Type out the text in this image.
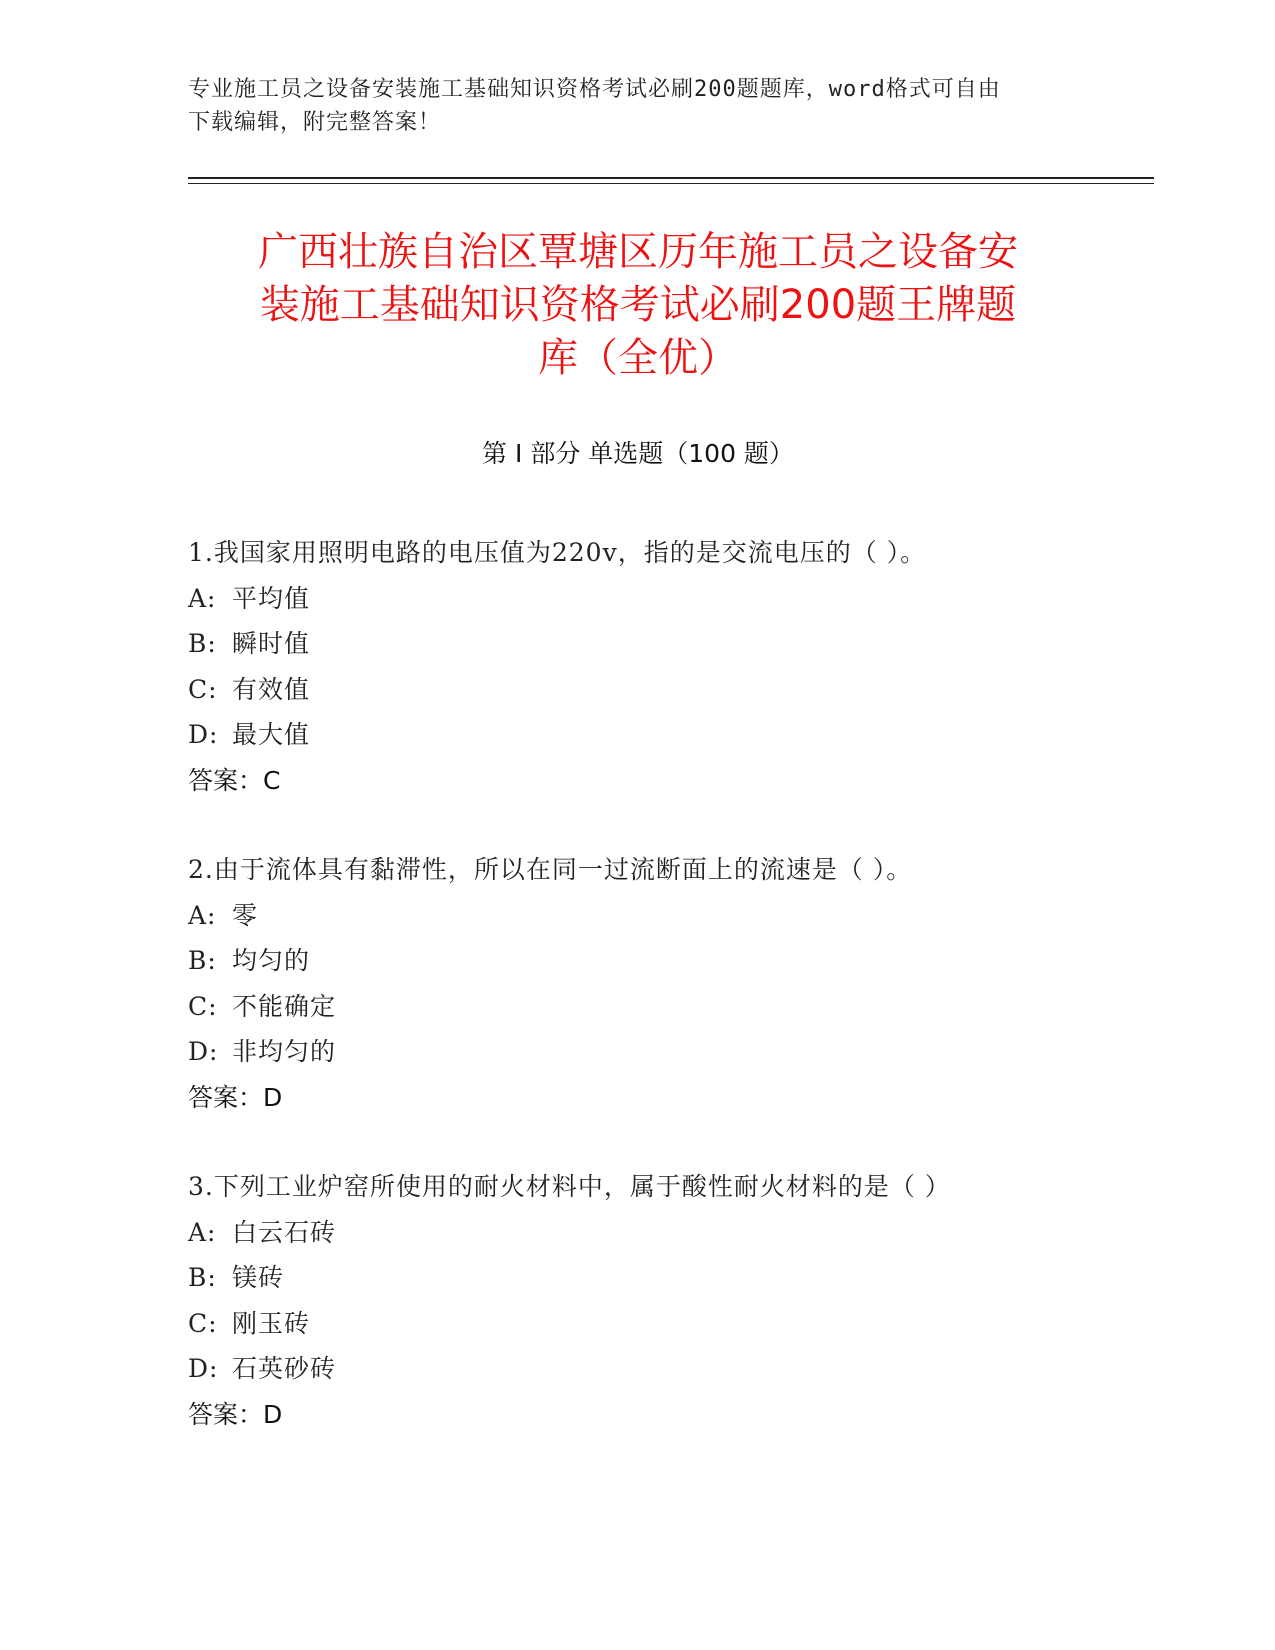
专业施工员之设备安装施工基础知识资格考试必刷200题题库，word格式可自由
下载编辑，附完整答案！
广西壮族自治区覃塘区历年施工员之设备安
装施工基础知识资格考试必刷200题王牌题
库（全优）
第 I 部分 单选题（100 题）
1.我国家用照明电路的电压值为220v，指的是交流电压的（ ）。
A: 平均值
B: 瞬时值
C: 有效值
D: 最大值
答案：C
2.由于流体具有黏滞性，所以在同一过流断面上的流速是（ ）。
A: 零
B: 均匀的
C: 不能确定
D: 非均匀的
答案：D
3.下列工业炉窑所使用的耐火材料中，属于酸性耐火材料的是（ ）
A: 白云石砖
B: 镁砖
C: 刚玉砖
D: 石英砂砖
答案：D
